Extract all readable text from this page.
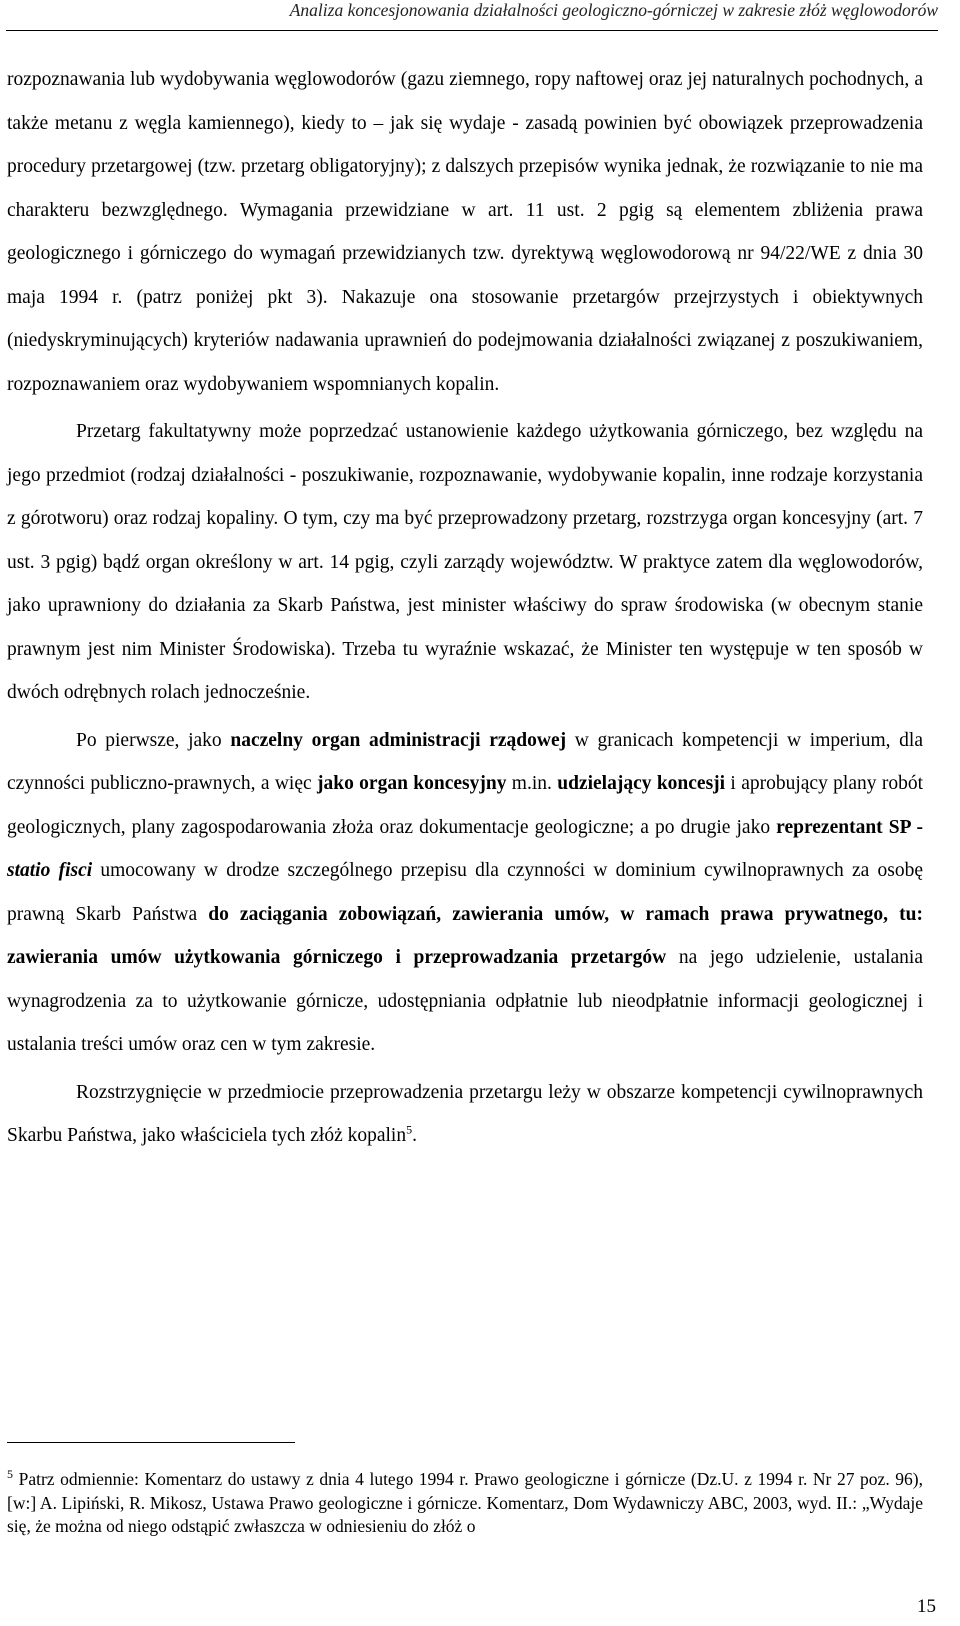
Analiza koncesjonowania działalności geologiczno-górniczej w zakresie złóż węglowodorów

rozpoznawania lub wydobywania węglowodorów (gazu ziemnego, ropy naftowej oraz jej naturalnych pochodnych, a także metanu z węgla kamiennego), kiedy to – jak się wydaje - zasadą powinien być obowiązek przeprowadzenia procedury przetargowej (tzw. przetarg obligatoryjny); z dalszych przepisów wynika jednak, że rozwiązanie to nie ma charakteru bezwzględnego. Wymagania przewidziane w art. 11 ust. 2 pgig są elementem zbliżenia prawa geologicznego i górniczego do wymagań przewidzianych tzw. dyrektywą węglowodorową nr 94/22/WE z dnia 30 maja 1994 r. (patrz poniżej pkt 3). Nakazuje ona stosowanie przetargów przejrzystych i obiektywnych (niedyskryminujących) kryteriów nadawania uprawnień do podejmowania działalności związanej z poszukiwaniem, rozpoznawaniem oraz wydobywaniem wspomnianych kopalin.

Przetarg fakultatywny może poprzedzać ustanowienie każdego użytkowania górniczego, bez względu na jego przedmiot (rodzaj działalności - poszukiwanie, rozpoznawanie, wydobywanie kopalin, inne rodzaje korzystania z górotworu) oraz rodzaj kopaliny. O tym, czy ma być przeprowadzony przetarg, rozstrzyga organ koncesyjny (art. 7 ust. 3 pgig) bądź organ określony w art. 14 pgig, czyli zarządy województw. W praktyce zatem dla węglowodorów, jako uprawniony do działania za Skarb Państwa, jest minister właściwy do spraw środowiska (w obecnym stanie prawnym jest nim Minister Środowiska). Trzeba tu wyraźnie wskazać, że Minister ten występuje w ten sposób w dwóch odrębnych rolach jednocześnie.

Po pierwsze, jako naczelny organ administracji rządowej w granicach kompetencji w imperium, dla czynności publiczno-prawnych, a więc jako organ koncesyjny m.in. udzielający koncesji i aprobujący plany robót geologicznych, plany zagospodarowania złoża oraz dokumentacje geologiczne; a po drugie jako reprezentant SP - statio fisci umocowany w drodze szczególnego przepisu dla czynności w dominium cywilnoprawnych za osobę prawną Skarb Państwa do zaciągania zobowiązań, zawierania umów, w ramach prawa prywatnego, tu: zawierania umów użytkowania górniczego i przeprowadzania przetargów na jego udzielenie, ustalania wynagrodzenia za to użytkowanie górnicze, udostępniania odpłatnie lub nieodpłatnie informacji geologicznej i ustalania treści umów oraz cen w tym zakresie.

Rozstrzygnięcie w przedmiocie przeprowadzenia przetargu leży w obszarze kompetencji cywilnoprawnych Skarbu Państwa, jako właściciela tych złóż kopalin$^5$.

$^5$ Patrz odmiennie: Komentarz do ustawy z dnia 4 lutego 1994 r. Prawo geologiczne i górnicze (Dz.U. z 1994 r. Nr 27 poz. 96), [w:] A. Lipiński, R. Mikosz, Ustawa Prawo geologiczne i górnicze. Komentarz, Dom Wydawniczy ABC, 2003, wyd. II.: „Wydaje się, że można od niego odstąpić zwłaszcza w odniesieniu do złóż o

15
